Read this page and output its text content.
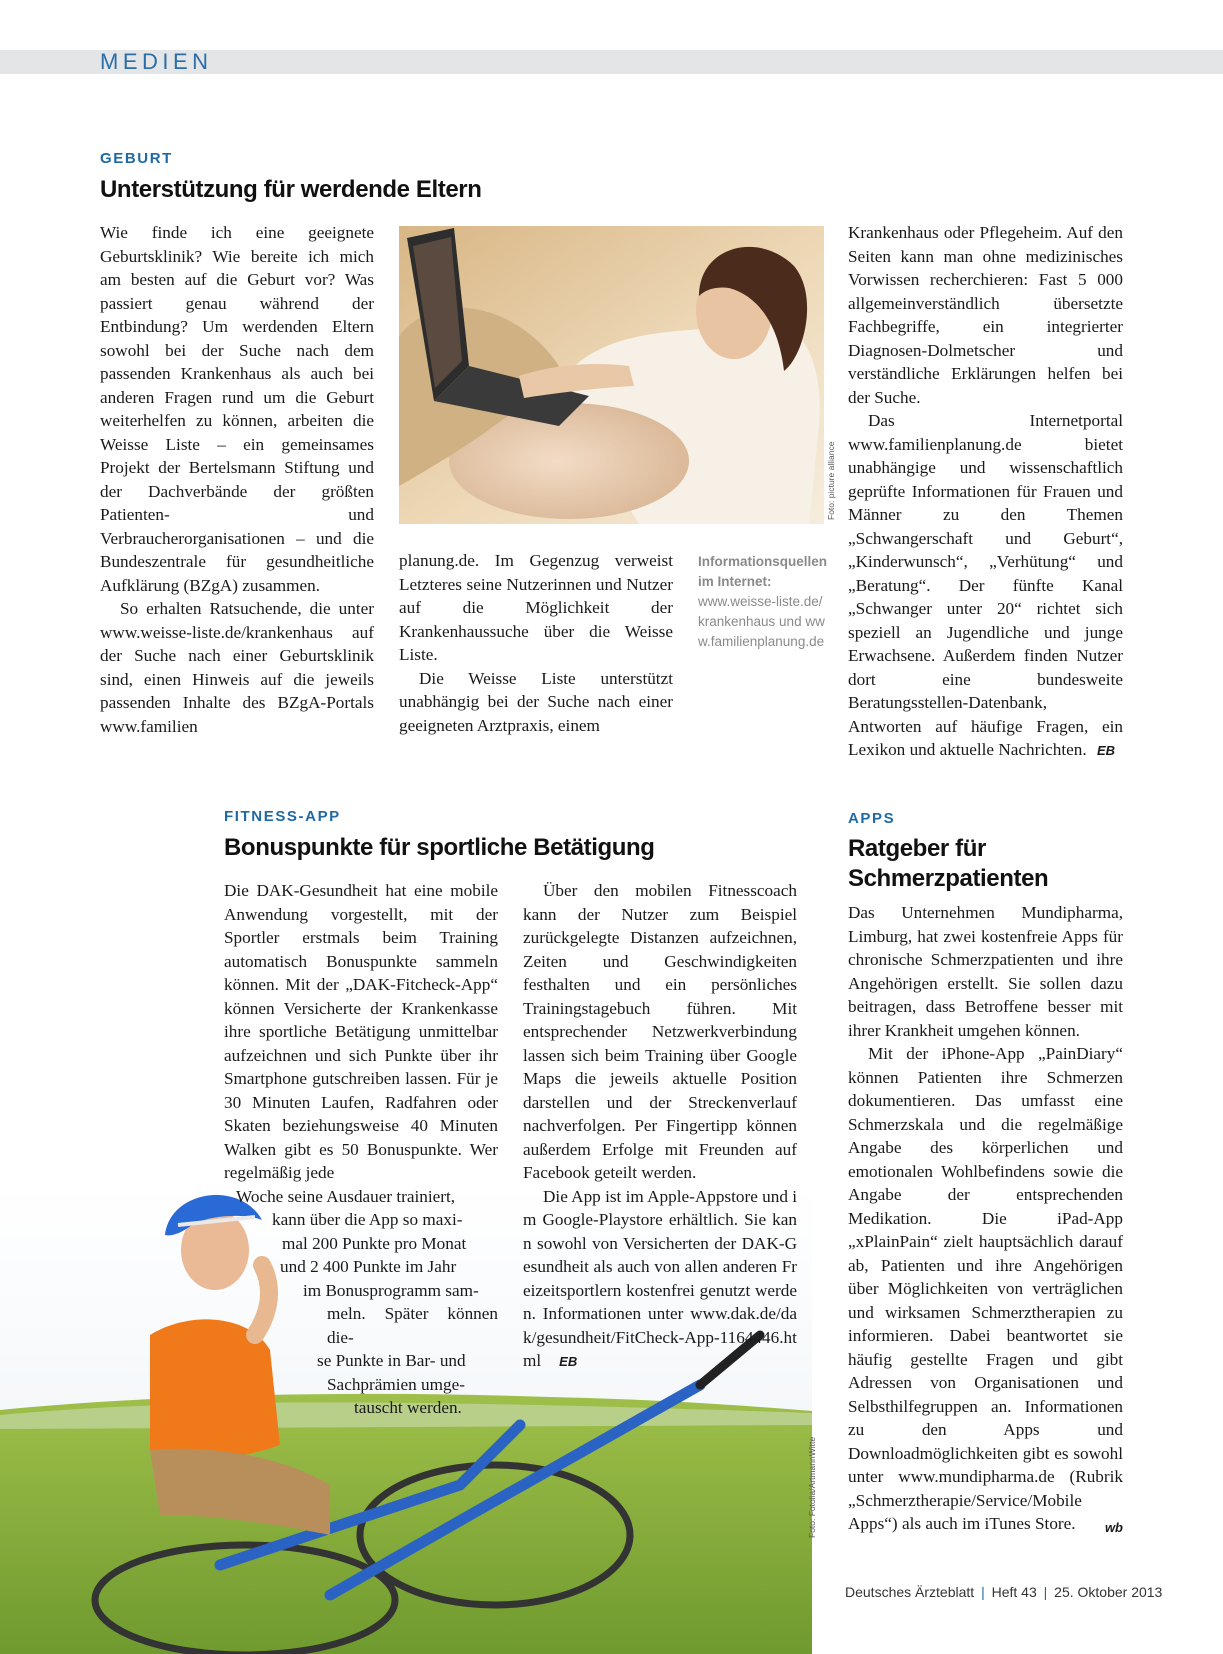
MEDIEN
GEBURT
Unterstützung für werdende Eltern

Wie finde ich eine geeignete Geburtsklinik? Wie bereite ich mich am besten auf die Geburt vor? Was passiert genau während der Entbindung? Um werdenden Eltern sowohl bei der Suche nach dem passenden Krankenhaus als auch bei anderen Fragen rund um die Geburt weiterhelfen zu können, arbeiten die Weisse Liste – ein gemeinsames Projekt der Bertelsmann Stiftung und der Dachverbände der größten Patienten- und Verbraucherorganisationen – und die Bundeszentrale für gesundheitliche Aufklärung (BZgA) zusammen.

So erhalten Ratsuchende, die unter www.weisse-liste.de/krankenhaus auf der Suche nach einer Geburtsklinik sind, einen Hinweis auf die jeweils passenden Inhalte des BZgA-Portals www.familien

Foto: picture alliance

planung.de. Im Gegenzug verweist Letzteres seine Nutzerinnen und Nutzer auf die Möglichkeit der Krankenhaussuche über die Weisse Liste.

Die Weisse Liste unterstützt unabhängig bei der Suche nach einer geeigneten Arztpraxis, einem

Informationsquellen im Internet:
www.weisse-liste.de/krankenhaus und www.familienplanung.de

Krankenhaus oder Pflegeheim. Auf den Seiten kann man ohne medizinisches Vorwissen recherchieren: Fast 5 000 allgemeinverständlich übersetzte Fachbegriffe, ein integrierter Diagnosen-Dolmetscher und verständliche Erklärungen helfen bei der Suche.

Das Internetportal www.familienplanung.de bietet unabhängige und wissenschaftlich geprüfte Informationen für Frauen und Männer zu den Themen „Schwangerschaft und Geburt“, „Kinderwunsch“, „Verhütung“ und „Beratung“. Der fünfte Kanal „Schwanger unter 20“ richtet sich speziell an Jugendliche und junge Erwachsene. Außerdem finden Nutzer dort eine bundesweite Beratungsstellen-Datenbank, Antworten auf häufige Fragen, ein Lexikon und aktuelle Nachrichten. EB

Foto: Fotolia/ArtmannWitte
FITNESS-APP
Bonuspunkte für sportliche Betätigung

Die DAK-Gesundheit hat eine mobile Anwendung vorgestellt, mit der Sportler erstmals beim Training automatisch Bonuspunkte sammeln können. Mit der „DAK-Fitcheck-App“ können Versicherte der Krankenkasse ihre sportliche Betätigung unmittelbar aufzeichnen und sich Punkte über ihr Smartphone gutschreiben lassen. Für je 30 Minuten Laufen, Radfahren oder Skaten beziehungsweise 40 Minuten Walken gibt es 50 Bonuspunkte. Wer regelmäßig jede

Woche seine Ausdauer trainiert,
kann über die App so maxi-
mal 200 Punkte pro Monat
und 2 400 Punkte im Jahr
im Bonusprogramm sam-
meln. Später können die-
se Punkte in Bar- und
Sachprämien umge-
tauscht werden.

Über den mobilen Fitnesscoach kann der Nutzer zum Beispiel zurückgelegte Distanzen aufzeichnen, Zeiten und Geschwindigkeiten festhalten und ein persönliches Trainingstagebuch führen. Mit entsprechender Netzwerkverbindung lassen sich beim Training über Google Maps die jeweils aktuelle Position darstellen und der Streckenverlauf nachverfolgen. Per Fingertipp können außerdem Erfolge mit Freunden auf Facebook geteilt werden.

Die App ist im Apple-Appstore und im Google-Playstore erhältlich. Sie kann sowohl von Versicherten der DAK-Gesundheit als auch von allen anderen Freizeitsportlern kostenfrei genutzt werden. Informationen unter www.dak.de/dak/gesundheit/FitCheck-App-1164446.html EB

APPS
Ratgeber für
Schmerzpatienten

Das Unternehmen Mundipharma, Limburg, hat zwei kostenfreie Apps für chronische Schmerzpatienten und ihre Angehörigen erstellt. Sie sollen dazu beitragen, dass Betroffene besser mit ihrer Krankheit umgehen können.

Mit der iPhone-App „PainDiary“ können Patienten ihre Schmerzen dokumentieren. Das umfasst eine Schmerzskala und die regelmäßige Angabe des körperlichen und emotionalen Wohlbefindens sowie die Angabe der entsprechenden Medikation. Die iPad-App „xPlainPain“ zielt hauptsächlich darauf ab, Patienten und ihre Angehörigen über Möglichkeiten von verträglichen und wirksamen Schmerztherapien zu informieren. Dabei beantwortet sie häufig gestellte Fragen und gibt Adressen von Organisationen und Selbsthilfegruppen an. Informationen zu den Apps und Downloadmöglichkeiten gibt es sowohl unter www.mundipharma.de (Rubrik „Schmerztherapie/Service/Mobile Apps“) als auch im iTunes Store.	wb

Deutsches Ärzteblatt | Heft 43 | 25. Oktober 2013
